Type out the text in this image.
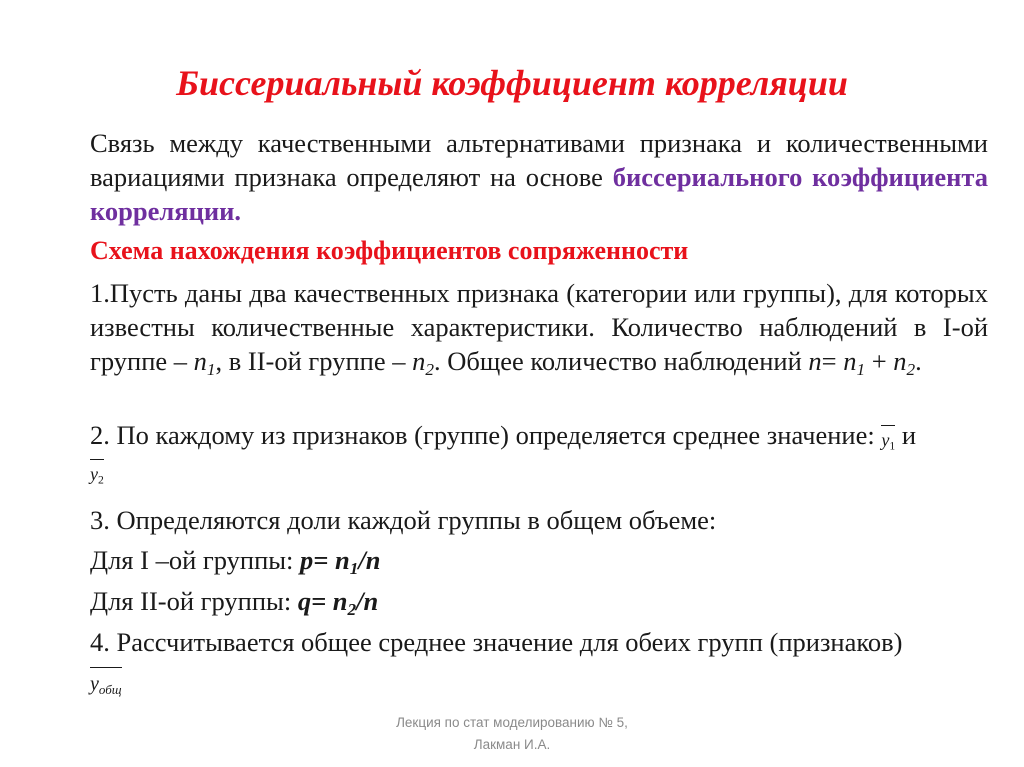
Биссериальный коэффициент корреляции

Связь между качественными альтернативами признака и количественными вариациями признака определяют на основе биссериального коэффициента корреляции.

Схема нахождения коэффициентов сопряженности

1.Пусть даны два качественных признака (категории или группы), для которых известны количественные характеристики. Количество наблюдений в I-ой группе – $n_1$, в II-ой группе – $n_2$. Общее количество наблюдений $n= n_1 + n_2$.

2. По каждому из признаков (группе) определяется среднее значение:
$y_1$ и

$y_2$

3. Определяются доли каждой группы в общем объеме:

Для I –ой группы: $p= n_1/n$

Для II-ой группы: $q= n_2/n$

4. Рассчитывается общее среднее значение для обеих групп (признаков)

$y_{общ}$

Лекция по стат моделированию № 5,
Лакман И.А.
